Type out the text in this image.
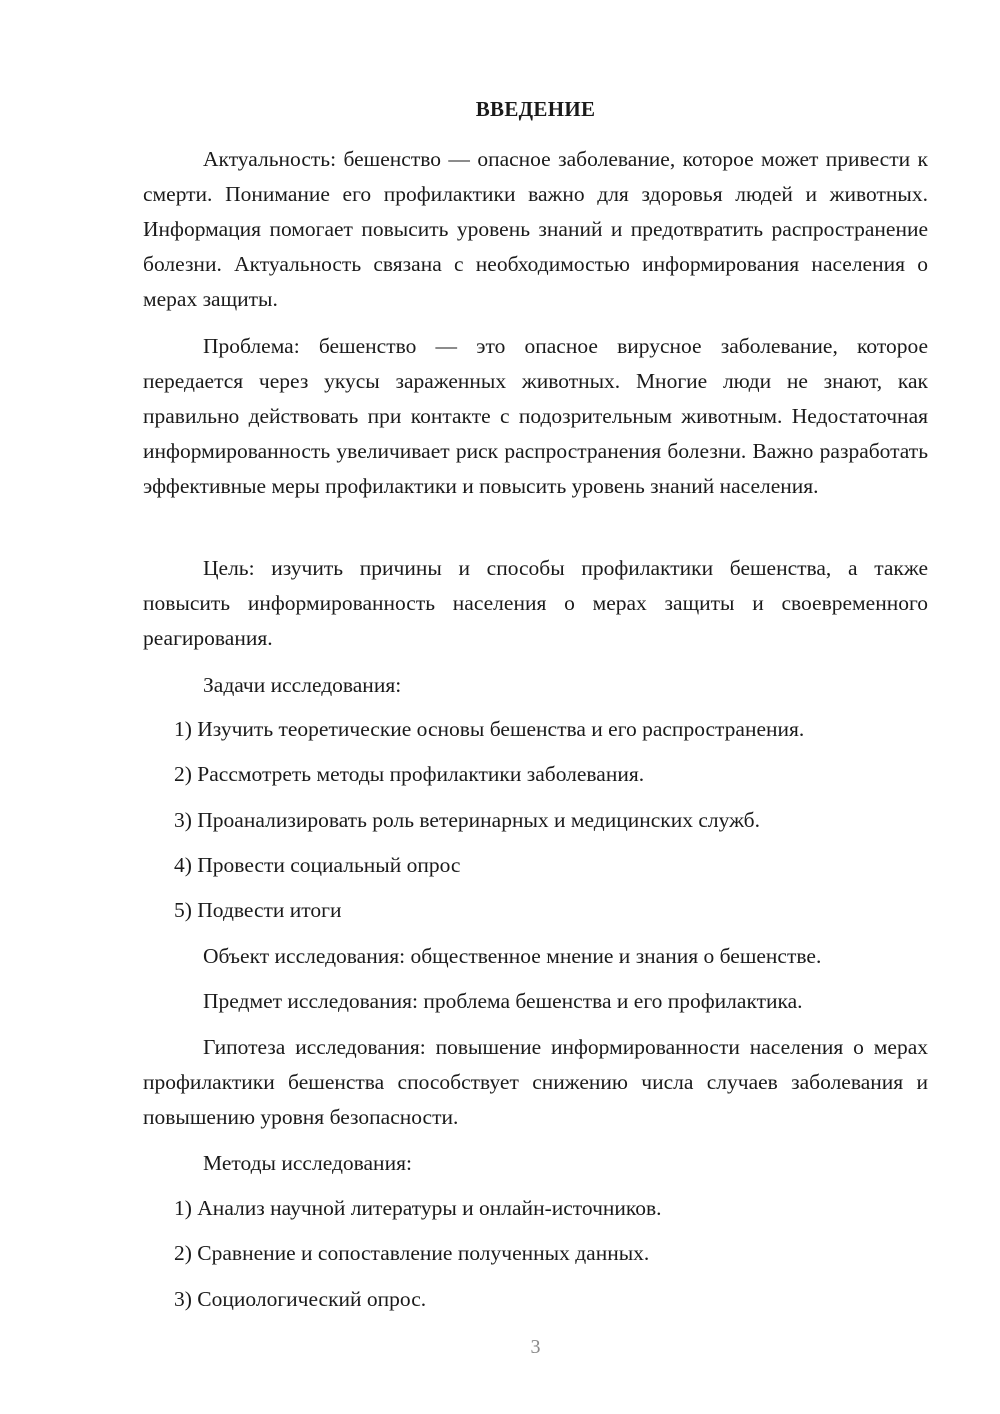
ВВЕДЕНИЕ

Актуальность: бешенство — опасное заболевание, которое может привести к смерти. Понимание его профилактики важно для здоровья людей и животных. Информация помогает повысить уровень знаний и предотвратить распространение болезни. Актуальность связана с необходимостью информирования населения о мерах защиты.

Проблема: бешенство — это опасное вирусное заболевание, которое передается через укусы зараженных животных. Многие люди не знают, как правильно действовать при контакте с подозрительным животным. Недостаточная информированность увеличивает риск распространения болезни. Важно разработать эффективные меры профилактики и повысить уровень знаний населения.

Цель: изучить причины и способы профилактики бешенства, а также повысить информированность населения о мерах защиты и своевременного реагирования.

Задачи исследования:

1) Изучить теоретические основы бешенства и его распространения.

2) Рассмотреть методы профилактики заболевания.

3) Проанализировать роль ветеринарных и медицинских служб.

4) Провести социальный опрос

5) Подвести итоги

Объект исследования: общественное мнение и знания о бешенстве.

Предмет исследования: проблема бешенства и его профилактика.

Гипотеза исследования: повышение информированности населения о мерах профилактики бешенства способствует снижению числа случаев заболевания и повышению уровня безопасности.

Методы исследования:

1) Анализ научной литературы и онлайн-источников.

2) Сравнение и сопоставление полученных данных.

3) Социологический опрос.

3
